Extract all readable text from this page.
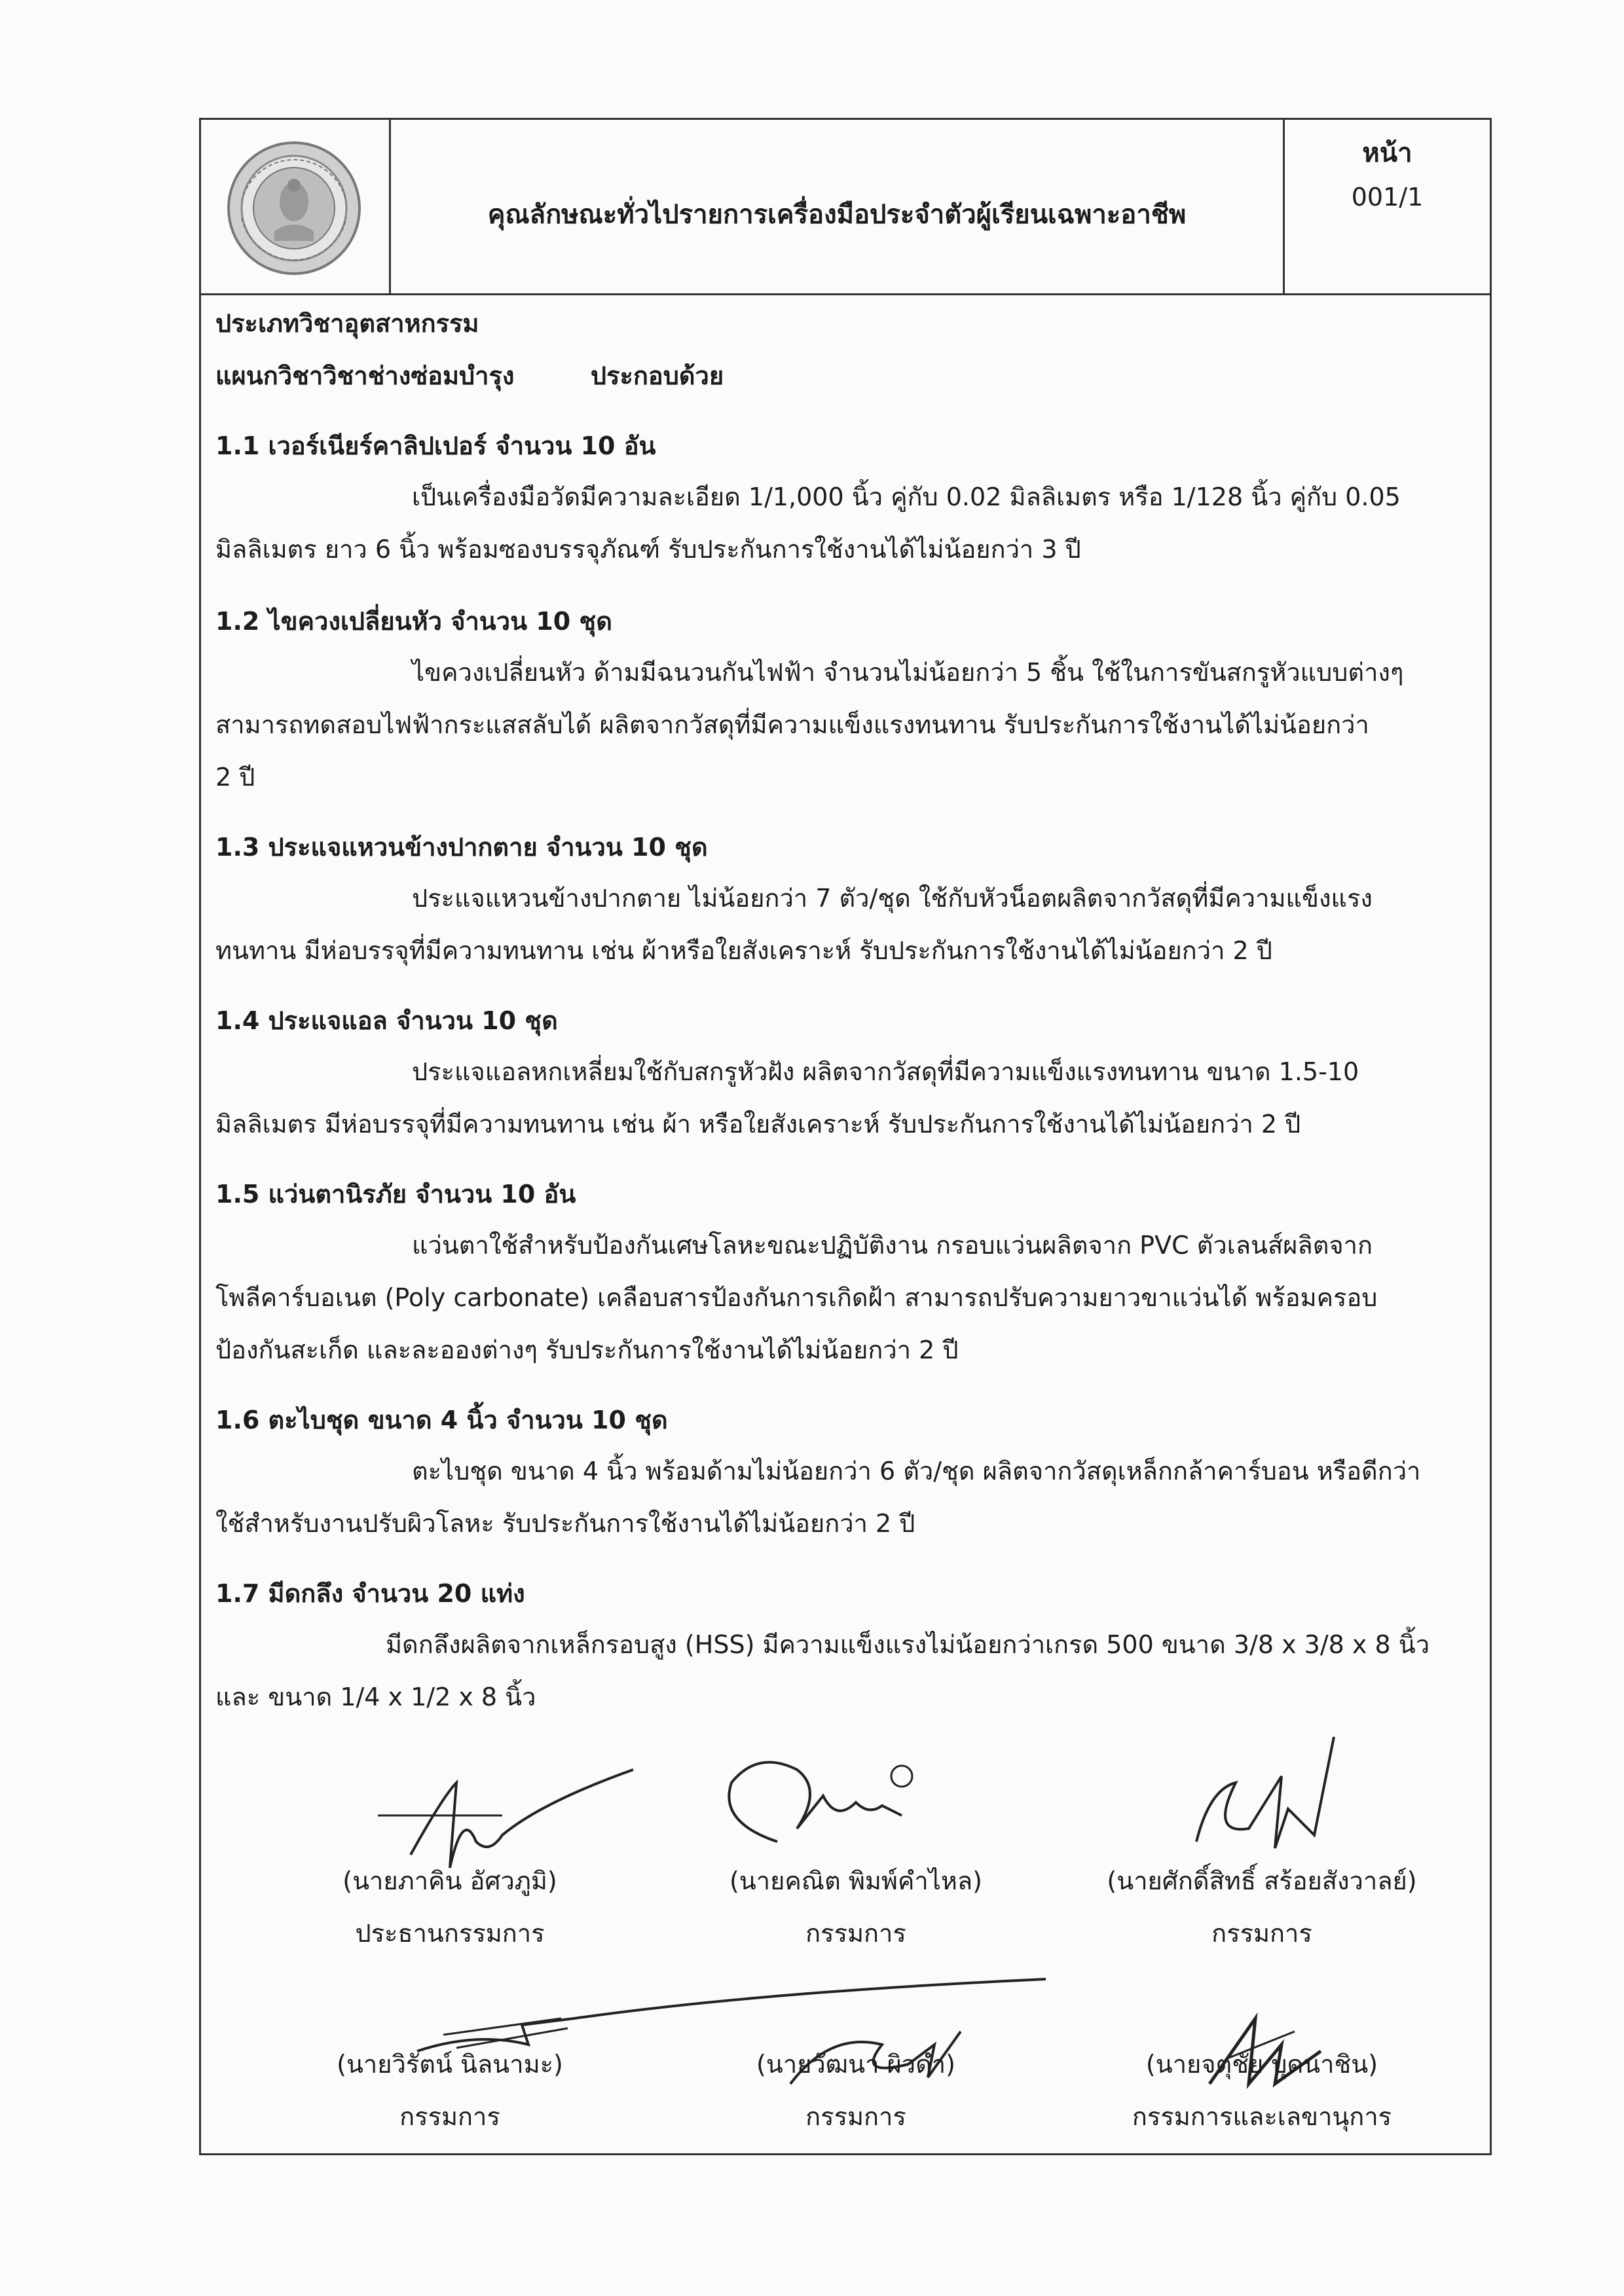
คุณลักษณะทั่วไปรายการเครื่องมือประจำตัวผู้เรียนเฉพาะอาชีพ
หน้า
001/1
ประเภทวิชาอุตสาหกรรม
แผนกวิชาวิชาช่างซ่อมบำรุง	ประกอบด้วย
1.1 เวอร์เนียร์คาลิปเปอร์ จำนวน 10 อัน
เป็นเครื่องมือวัดมีความละเอียด 1/1,000 นิ้ว คู่กับ 0.02 มิลลิเมตร หรือ 1/128 นิ้ว คู่กับ 0.05
มิลลิเมตร ยาว 6 นิ้ว พร้อมซองบรรจุภัณฑ์ รับประกันการใช้งานได้ไม่น้อยกว่า 3 ปี
1.2 ไขควงเปลี่ยนหัว จำนวน 10 ชุด
ไขควงเปลี่ยนหัว ด้ามมีฉนวนกันไฟฟ้า จำนวนไม่น้อยกว่า 5 ชิ้น ใช้ในการขันสกรูหัวแบบต่างๆ
สามารถทดสอบไฟฟ้ากระแสสลับได้ ผลิตจากวัสดุที่มีความแข็งแรงทนทาน รับประกันการใช้งานได้ไม่น้อยกว่า
2 ปี
1.3 ประแจแหวนข้างปากตาย จำนวน 10 ชุด
ประแจแหวนข้างปากตาย ไม่น้อยกว่า 7 ตัว/ชุด ใช้กับหัวน็อตผลิตจากวัสดุที่มีความแข็งแรง
ทนทาน มีห่อบรรจุที่มีความทนทาน เช่น ผ้าหรือใยสังเคราะห์ รับประกันการใช้งานได้ไม่น้อยกว่า 2 ปี
1.4 ประแจแอล จำนวน 10 ชุด
ประแจแอลหกเหลี่ยมใช้กับสกรูหัวฝัง ผลิตจากวัสดุที่มีความแข็งแรงทนทาน ขนาด 1.5-10
มิลลิเมตร มีห่อบรรจุที่มีความทนทาน เช่น ผ้า หรือใยสังเคราะห์ รับประกันการใช้งานได้ไม่น้อยกว่า 2 ปี
1.5 แว่นตานิรภัย จำนวน 10 อัน
แว่นตาใช้สำหรับป้องกันเศษโลหะขณะปฏิบัติงาน กรอบแว่นผลิตจาก PVC ตัวเลนส์ผลิตจาก
โพลีคาร์บอเนต (Poly carbonate) เคลือบสารป้องกันการเกิดฝ้า สามารถปรับความยาวขาแว่นได้ พร้อมครอบ
ป้องกันสะเก็ด และละอองต่างๆ รับประกันการใช้งานได้ไม่น้อยกว่า 2 ปี
1.6 ตะไบชุด ขนาด 4 นิ้ว จำนวน 10 ชุด
ตะไบชุด ขนาด 4 นิ้ว พร้อมด้ามไม่น้อยกว่า 6 ตัว/ชุด ผลิตจากวัสดุเหล็กกล้าคาร์บอน หรือดีกว่า
ใช้สำหรับงานปรับผิวโลหะ รับประกันการใช้งานได้ไม่น้อยกว่า 2 ปี
1.7 มีดกลึง จำนวน 20 แท่ง
มีดกลึงผลิตจากเหล็กรอบสูง (HSS) มีความแข็งแรงไม่น้อยกว่าเกรด 500 ขนาด 3/8 x 3/8 x 8 นิ้ว
และ ขนาด 1/4 x 1/2 x 8 นิ้ว
(นายภาคิน อัศวภูมิ)
ประธานกรรมการ
(นายคณิต พิมพ์คำไหล)
กรรมการ
(นายศักดิ์สิทธิ์ สร้อยสังวาลย์)
กรรมการ
(นายวิรัตน์ นิลนามะ)
กรรมการ
(นายวัฒนา ผิวดำ)
กรรมการ
(นายจตุชัย บุดนาชิน)
กรรมการและเลขานุการ
